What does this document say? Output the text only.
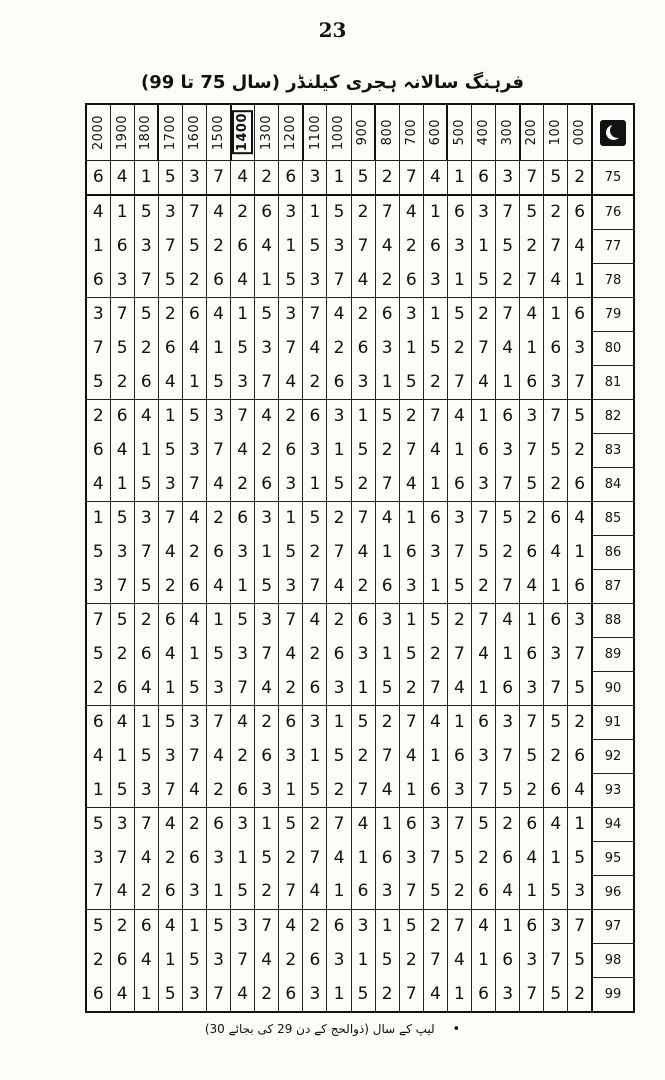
23
فرہنگ سالانہ ہجری کیلنڈر (سال 75 تا 99)
2000	1900	1800	1700	1600	1500	1400	1300	1200	1100	1000	900	800	700	600	500	400	300	200	100	000	
6	4	1	5	3	7	4	2	6	3	1	5	2	7	4	1	6	3	7	5	2	75
4	1	5	3	7	4	2	6	3	1	5	2	7	4	1	6	3	7	5	2	6	76
1	6	3	7	5	2	6	4	1	5	3	7	4	2	6	3	1	5	2	7	4	77
6	3	7	5	2	6	4	1	5	3	7	4	2	6	3	1	5	2	7	4	1	78
3	7	5	2	6	4	1	5	3	7	4	2	6	3	1	5	2	7	4	1	6	79
7	5	2	6	4	1	5	3	7	4	2	6	3	1	5	2	7	4	1	6	3	80
5	2	6	4	1	5	3	7	4	2	6	3	1	5	2	7	4	1	6	3	7	81
2	6	4	1	5	3	7	4	2	6	3	1	5	2	7	4	1	6	3	7	5	82
6	4	1	5	3	7	4	2	6	3	1	5	2	7	4	1	6	3	7	5	2	83
4	1	5	3	7	4	2	6	3	1	5	2	7	4	1	6	3	7	5	2	6	84
1	5	3	7	4	2	6	3	1	5	2	7	4	1	6	3	7	5	2	6	4	85
5	3	7	4	2	6	3	1	5	2	7	4	1	6	3	7	5	2	6	4	1	86
3	7	5	2	6	4	1	5	3	7	4	2	6	3	1	5	2	7	4	1	6	87
7	5	2	6	4	1	5	3	7	4	2	6	3	1	5	2	7	4	1	6	3	88
5	2	6	4	1	5	3	7	4	2	6	3	1	5	2	7	4	1	6	3	7	89
2	6	4	1	5	3	7	4	2	6	3	1	5	2	7	4	1	6	3	7	5	90
6	4	1	5	3	7	4	2	6	3	1	5	2	7	4	1	6	3	7	5	2	91
4	1	5	3	7	4	2	6	3	1	5	2	7	4	1	6	3	7	5	2	6	92
1	5	3	7	4	2	6	3	1	5	2	7	4	1	6	3	7	5	2	6	4	93
5	3	7	4	2	6	3	1	5	2	7	4	1	6	3	7	5	2	6	4	1	94
3	7	4	2	6	3	1	5	2	7	4	1	6	3	7	5	2	6	4	1	5	95
7	4	2	6	3	1	5	2	7	4	1	6	3	7	5	2	6	4	1	5	3	96
5	2	6	4	1	5	3	7	4	2	6	3	1	5	2	7	4	1	6	3	7	97
2	6	4	1	5	3	7	4	2	6	3	1	5	2	7	4	1	6	3	7	5	98
6	4	1	5	3	7	4	2	6	3	1	5	2	7	4	1	6	3	7	5	2	99
• لیپ کے سال (ذوالحج کے دن 29 کی بجائے 30)
